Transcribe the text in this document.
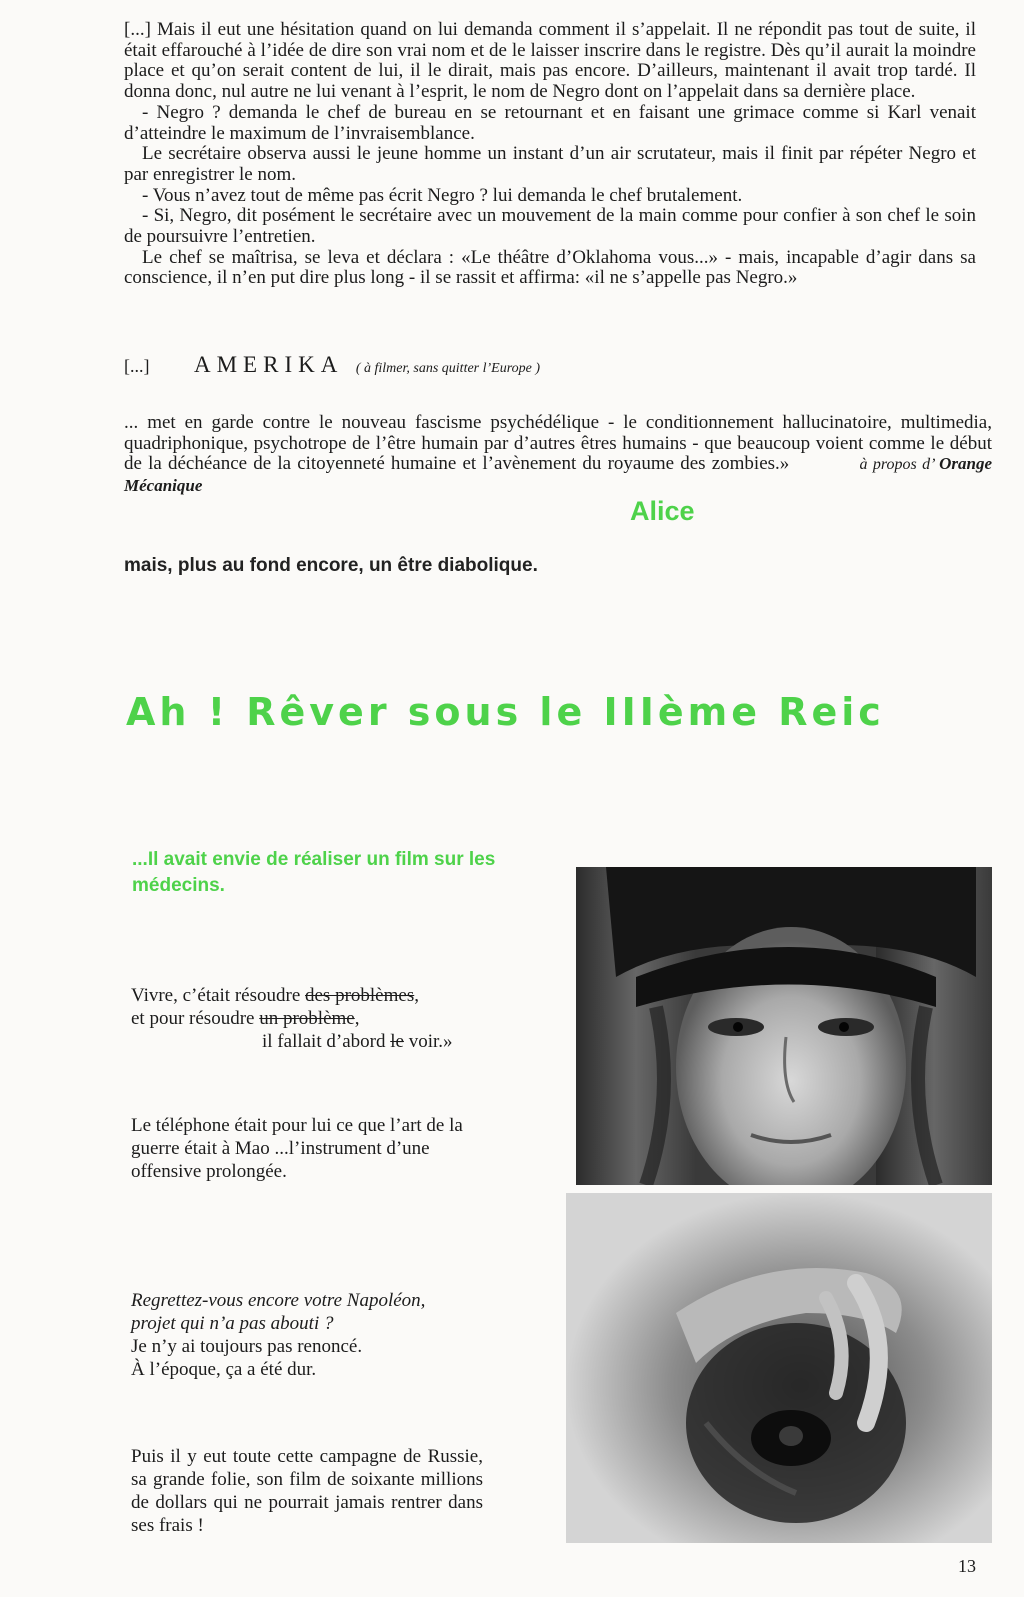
[...] Mais il eut une hésitation quand on lui demanda comment il s’appelait. Il ne répondit pas tout de suite, il était effarouché à l’idée de dire son vrai nom et de le laisser inscrire dans le registre. Dès qu’il aurait la moindre place et qu’on serait content de lui, il le dirait, mais pas encore. D’ailleurs, maintenant il avait trop tardé. Il donna donc, nul autre ne lui venant à l’esprit, le nom de Negro dont on l’appelait dans sa dernière place.

- Negro ? demanda le chef de bureau en se retournant et en faisant une grimace comme si Karl venait d’atteindre le maximum de l’invraisemblance.

Le secrétaire observa aussi le jeune homme un instant d’un air scrutateur, mais il finit par répéter Negro et par enregistrer le nom.

- Vous n’avez tout de même pas écrit Negro ? lui demanda le chef brutalement.

- Si, Negro, dit posément le secrétaire avec un mouvement de la main comme pour confier à son chef le soin de poursuivre l’entretien.

Le chef se maîtrisa, se leva et déclara : «Le théâtre d’Oklahoma vous...» - mais, incapable d’agir dans sa conscience, il n’en put dire plus long - il se rassit et affirma: «il ne s’appelle pas Negro.»

[...] AMERIKA ( à filmer, sans quitter l’Europe )
... met en garde contre le nouveau fascisme psychédélique - le conditionnement hallucinatoire, multimedia, quadriphonique, psychotrope de l’être humain par d’autres êtres humains - que beaucoup voient comme le début de la déchéance de la citoyenneté humaine et l’avènement du royaume des zombies.»	à propos d’ Orange Mécanique
Alice
mais, plus au fond encore, un être diabolique.
Ah ! Rêver sous le IIIème Reic
...Il avait envie de réaliser un film sur les médecins.
Vivre, c’était résoudre des problèmes,
et pour résoudre un problème,
il fallait d’abord le voir.»
Le téléphone était pour lui ce que l’art de la guerre était à Mao ...l’instrument d’une offensive prolongée.
Regrettez-vous encore votre Napoléon,
projet qui n’a pas abouti ?
Je n’y ai toujours pas renoncé.
À l’époque, ça a été dur.
Puis il y eut toute cette campagne de Russie, sa grande folie, son film de soixante millions de dollars qui ne pourrait jamais rentrer dans ses frais !
13
